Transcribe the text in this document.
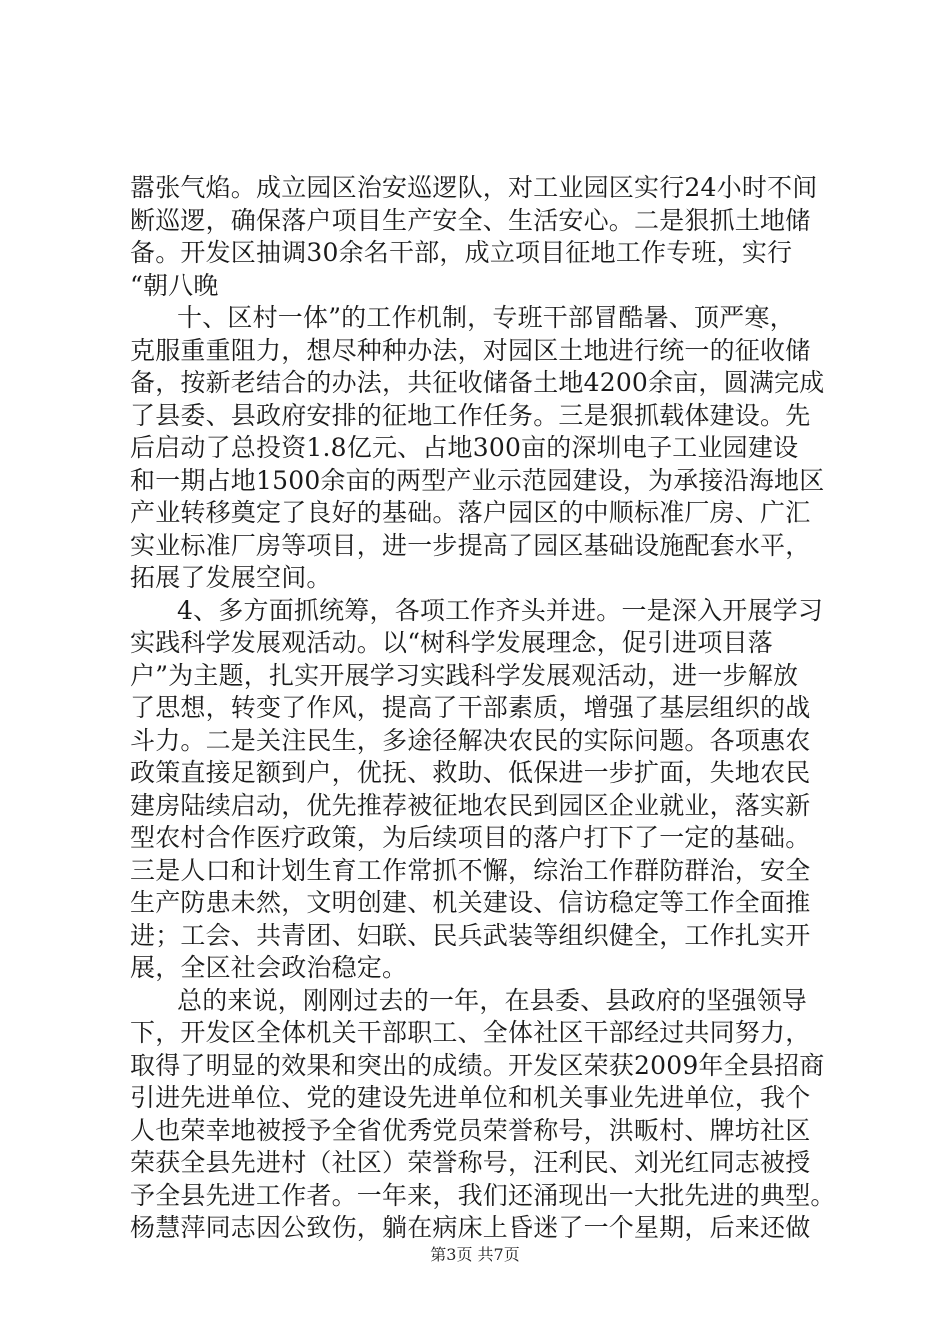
嚣张气焰。成立园区治安巡逻队，对工业园区实行24小时不间
断巡逻，确保落户项目生产安全、生活安心。二是狠抓土地储
备。开发区抽调30余名干部，成立项目征地工作专班，实行
“朝八晚
十、区村一体”的工作机制，专班干部冒酷暑、顶严寒，
克服重重阻力，想尽种种办法，对园区土地进行统一的征收储
备，按新老结合的办法，共征收储备土地4200余亩，圆满完成
了县委、县政府安排的征地工作任务。三是狠抓载体建设。先
后启动了总投资1.8亿元、占地300亩的深圳电子工业园建设
和一期占地1500余亩的两型产业示范园建设，为承接沿海地区
产业转移奠定了良好的基础。落户园区的中顺标准厂房、广汇
实业标准厂房等项目，进一步提高了园区基础设施配套水平，
拓展了发展空间。
4、多方面抓统筹，各项工作齐头并进。一是深入开展学习
实践科学发展观活动。以“树科学发展理念，促引进项目落
户”为主题，扎实开展学习实践科学发展观活动，进一步解放
了思想，转变了作风，提高了干部素质，增强了基层组织的战
斗力。二是关注民生，多途径解决农民的实际问题。各项惠农
政策直接足额到户，优抚、救助、低保进一步扩面，失地农民
建房陆续启动，优先推荐被征地农民到园区企业就业，落实新
型农村合作医疗政策，为后续项目的落户打下了一定的基础。
三是人口和计划生育工作常抓不懈，综治工作群防群治，安全
生产防患未然，文明创建、机关建设、信访稳定等工作全面推
进；工会、共青团、妇联、民兵武装等组织健全，工作扎实开
展，全区社会政治稳定。
总的来说，刚刚过去的一年，在县委、县政府的坚强领导
下，开发区全体机关干部职工、全体社区干部经过共同努力，
取得了明显的效果和突出的成绩。开发区荣获2009年全县招商
引进先进单位、党的建设先进单位和机关事业先进单位，我个
人也荣幸地被授予全省优秀党员荣誉称号，洪畈村、牌坊社区
荣获全县先进村（社区）荣誉称号，汪利民、刘光红同志被授
予全县先进工作者。一年来，我们还涌现出一大批先进的典型。
杨慧萍同志因公致伤，躺在病床上昏迷了一个星期，后来还做
第3页 共7页
